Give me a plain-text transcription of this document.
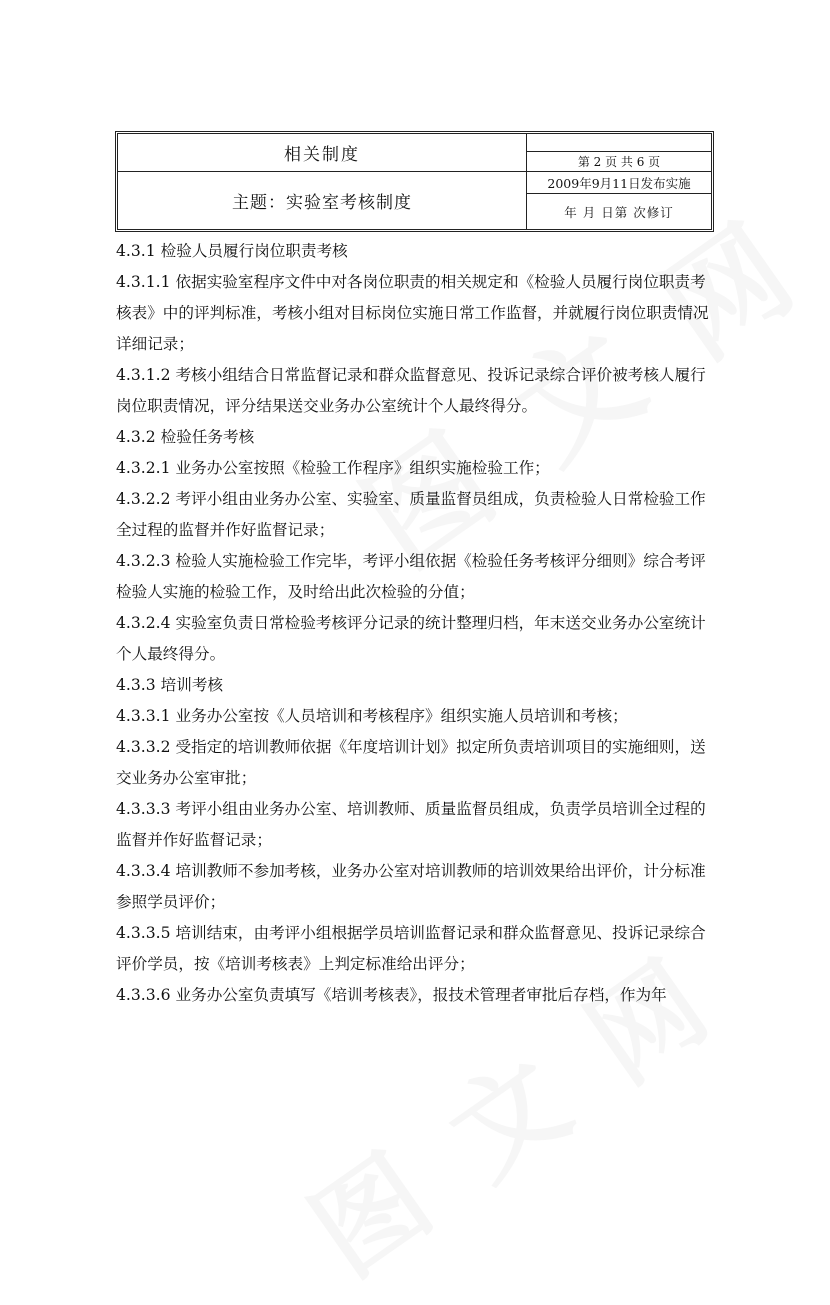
相关制度
主题：实验室考核制度
第 2 页 共 6 页
2009年9月11日发布实施
年 月 日第 次修订

4.3.1 检验人员履行岗位职责考核

4.3.1.1 依据实验室程序文件中对各岗位职责的相关规定和《检验人员履行岗位职责考核表》中的评判标准，考核小组对目标岗位实施日常工作监督，并就履行岗位职责情况详细记录；

4.3.1.2 考核小组结合日常监督记录和群众监督意见、投诉记录综合评价被考核人履行岗位职责情况，评分结果送交业务办公室统计个人最终得分。

4.3.2 检验任务考核

4.3.2.1 业务办公室按照《检验工作程序》组织实施检验工作；

4.3.2.2 考评小组由业务办公室、实验室、质量监督员组成，负责检验人日常检验工作全过程的监督并作好监督记录；

4.3.2.3 检验人实施检验工作完毕，考评小组依据《检验任务考核评分细则》综合考评检验人实施的检验工作，及时给出此次检验的分值；

4.3.2.4 实验室负责日常检验考核评分记录的统计整理归档，年末送交业务办公室统计个人最终得分。

4.3.3 培训考核

4.3.3.1 业务办公室按《人员培训和考核程序》组织实施人员培训和考核；

4.3.3.2 受指定的培训教师依据《年度培训计划》拟定所负责培训项目的实施细则，送交业务办公室审批；

4.3.3.3 考评小组由业务办公室、培训教师、质量监督员组成，负责学员培训全过程的监督并作好监督记录；

4.3.3.4 培训教师不参加考核，业务办公室对培训教师的培训效果给出评价，计分标准参照学员评价；

4.3.3.5 培训结束，由考评小组根据学员培训监督记录和群众监督意见、投诉记录综合评价学员，按《培训考核表》上判定标准给出评分；

4.3.3.6 业务办公室负责填写《培训考核表》，报技术管理者审批后存档，作为年
